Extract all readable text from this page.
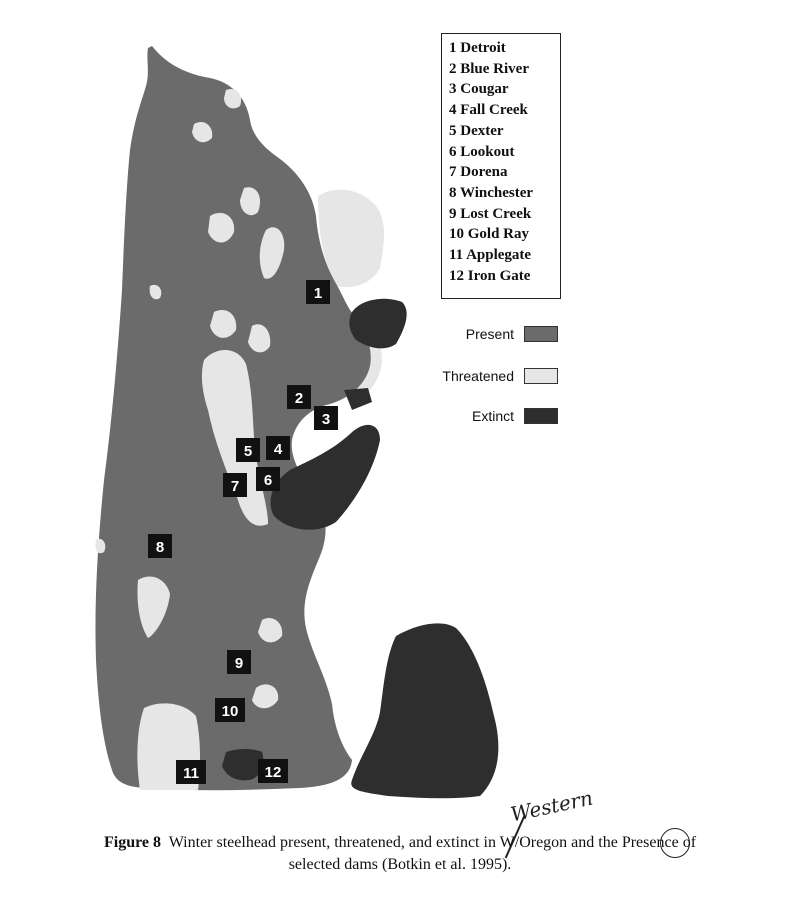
1
2
3
4
5
6
7
8
9
10
11	12
1 Detroit
2 Blue River
3 Cougar
4 Fall Creek
5 Dexter
6 Lookout
7 Dorena
8 Winchester
9 Lost Creek
10 Gold Ray
11 Applegate
12 Iron Gate
Present
Threatened
Extinct
Western
Figure 8 Winter steelhead present, threatened, and extinct in W/Oregon and the Presence of
selected dams (Botkin et al. 1995).
